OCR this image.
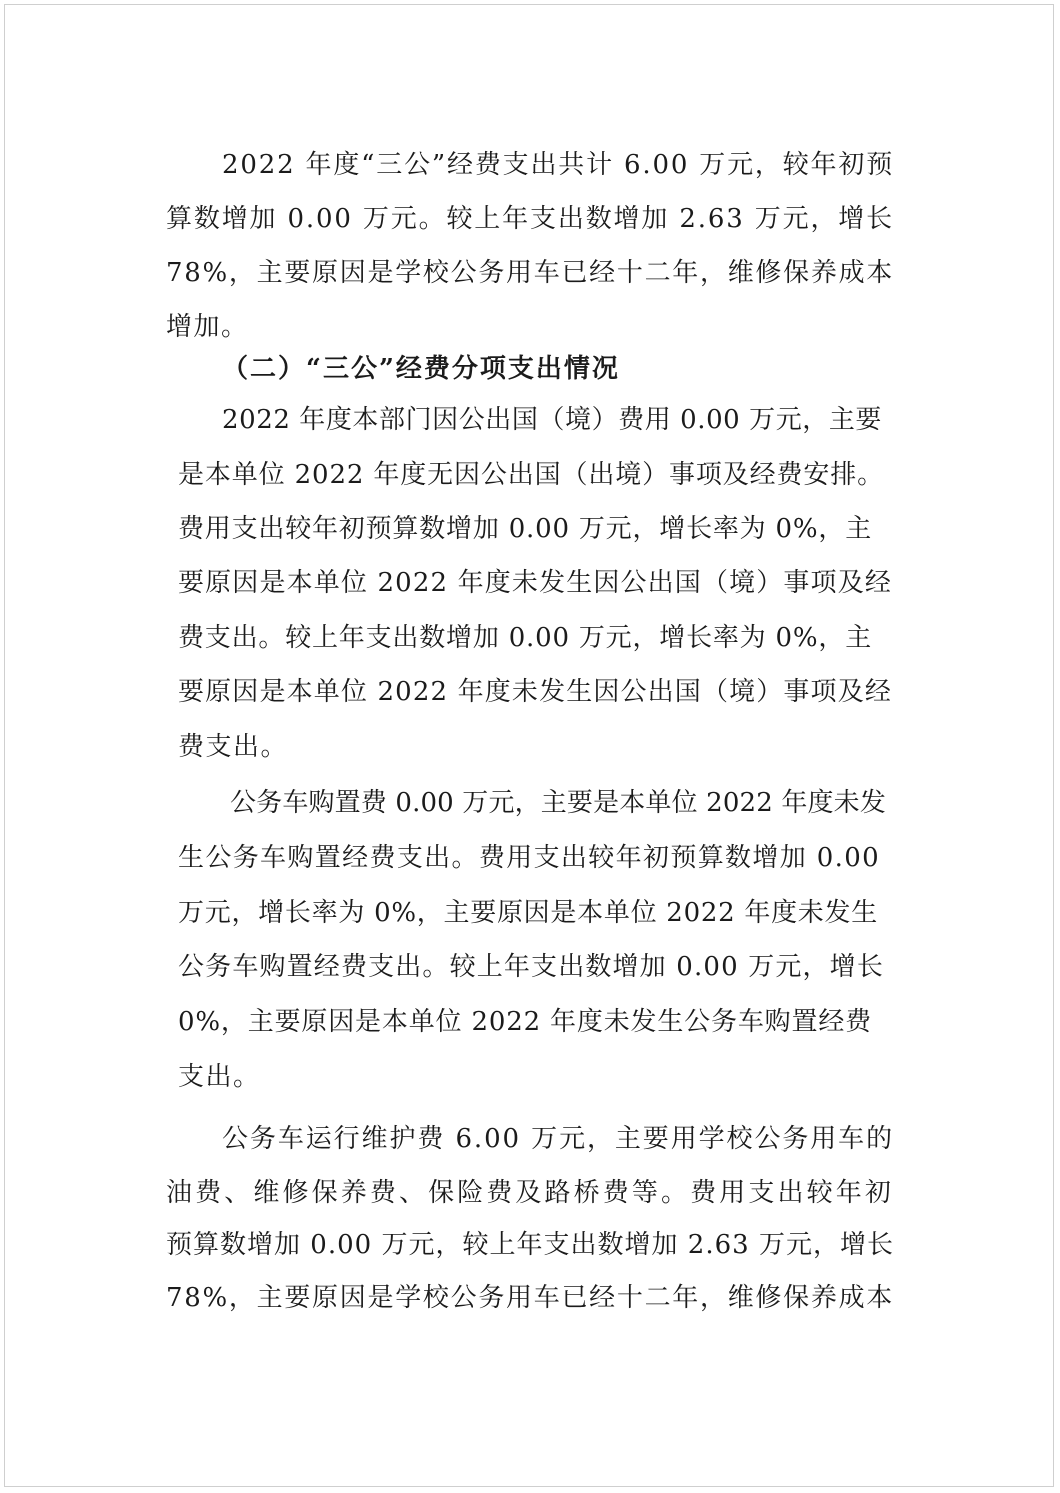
2022 年度“三公”经费支出共计 6.00 万元，较年初预

算数增加 0.00 万元。较上年支出数增加 2.63 万元，增长

78%，主要原因是学校公务用车已经十二年，维修保养成本

增加。

（二）“三公”经费分项支出情况

2022 年度本部门因公出国（境）费用 0.00 万元，主要

是本单位 2022 年度无因公出国（出境）事项及经费安排。

费用支出较年初预算数增加 0.00 万元，增长率为 0%，主

要原因是本单位 2022 年度未发生因公出国（境）事项及经

费支出。较上年支出数增加 0.00 万元，增长率为 0%，主

要原因是本单位 2022 年度未发生因公出国（境）事项及经

费支出。

公务车购置费 0.00 万元，主要是本单位 2022 年度未发

生公务车购置经费支出。费用支出较年初预算数增加 0.00

万元，增长率为 0%，主要原因是本单位 2022 年度未发生

公务车购置经费支出。较上年支出数增加 0.00 万元，增长

0%，主要原因是本单位 2022 年度未发生公务车购置经费

支出。

公务车运行维护费 6.00 万元，主要用学校公务用车的

油费、维修保养费、保险费及路桥费等。费用支出较年初

预算数增加 0.00 万元，较上年支出数增加 2.63 万元，增长

78%，主要原因是学校公务用车已经十二年，维修保养成本
